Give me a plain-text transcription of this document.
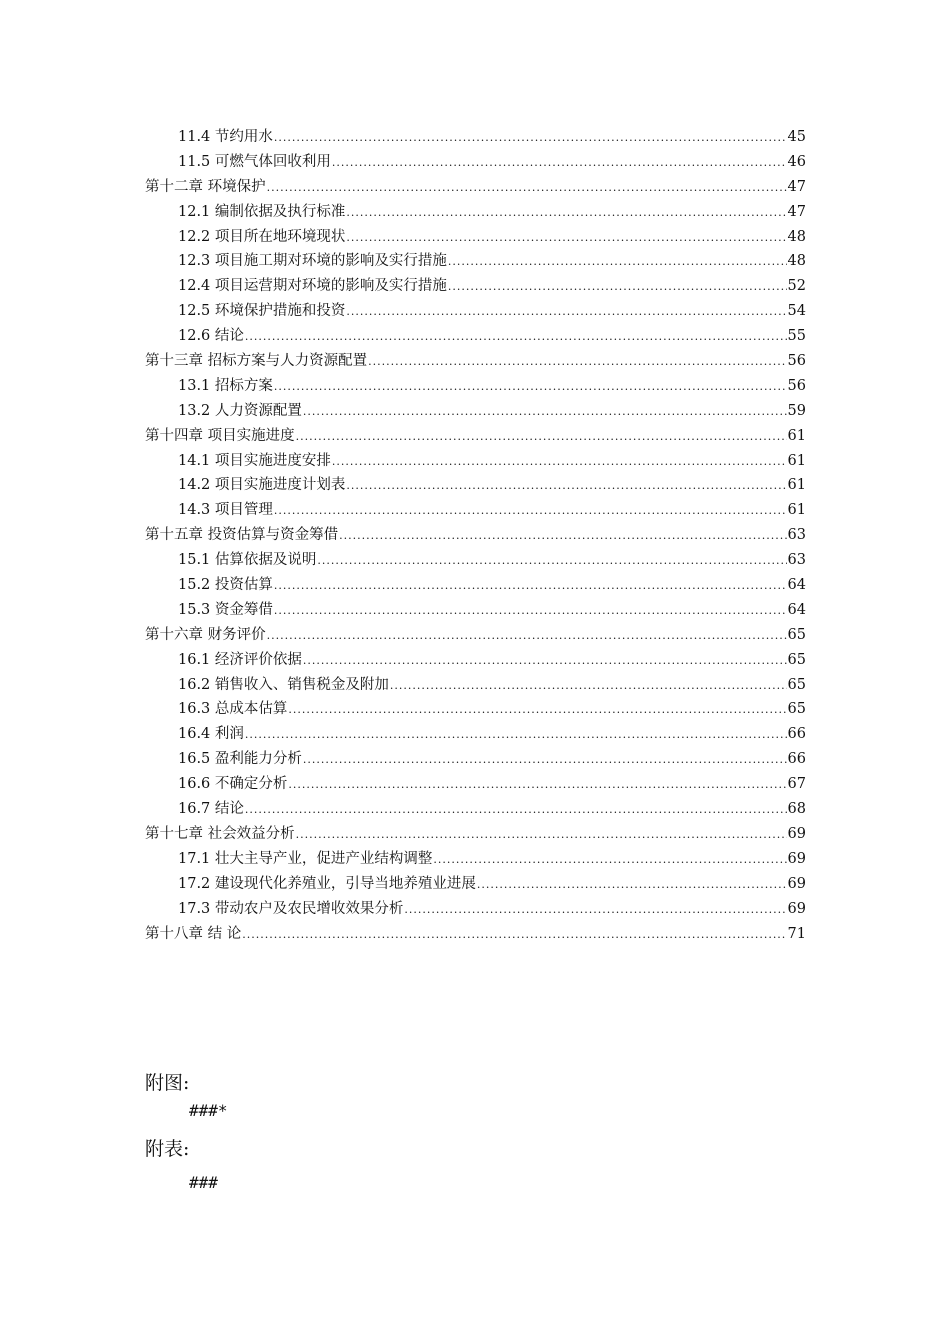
11.4 节约用水 .....	45
11.5 可燃气体回收利用 .....	46
第十二章 环境保护 .....	47
12.1 编制依据及执行标准 .....	47
12.2 项目所在地环境现状 .....	48
12.3 项目施工期对环境的影响及实行措施 .....	48
12.4 项目运营期对环境的影响及实行措施 .....	52
12.5 环境保护措施和投资 .....	54
12.6 结论 .....	55
第十三章 招标方案与人力资源配置 .....	56
13.1 招标方案 .....	56
13.2 人力资源配置 .....	59
第十四章 项目实施进度 .....	61
14.1 项目实施进度安排 .....	61
14.2 项目实施进度计划表 .....	61
14.3 项目管理 .....	61
第十五章 投资估算与资金筹借 .....	63
15.1 估算依据及说明 .....	63
15.2 投资估算 .....	64
15.3 资金筹借 .....	64
第十六章 财务评价 .....	65
16.1 经济评价依据 .....	65
16.2 销售收入、销售税金及附加 .....	65
16.3 总成本估算 .....	65
16.4 利润 .....	66
16.5 盈利能力分析 .....	66
16.6 不确定分析 .....	67
16.7 结论 .....	68
第十七章 社会效益分析 .....	69
17.1 壮大主导产业，促进产业结构调整 .....	69
17.2 建设现代化养殖业，引导当地养殖业进展 .....	69
17.3 带动农户及农民增收效果分析 .....	69
第十八章 结 论 .....	71
附图:
###*
附表:
###
